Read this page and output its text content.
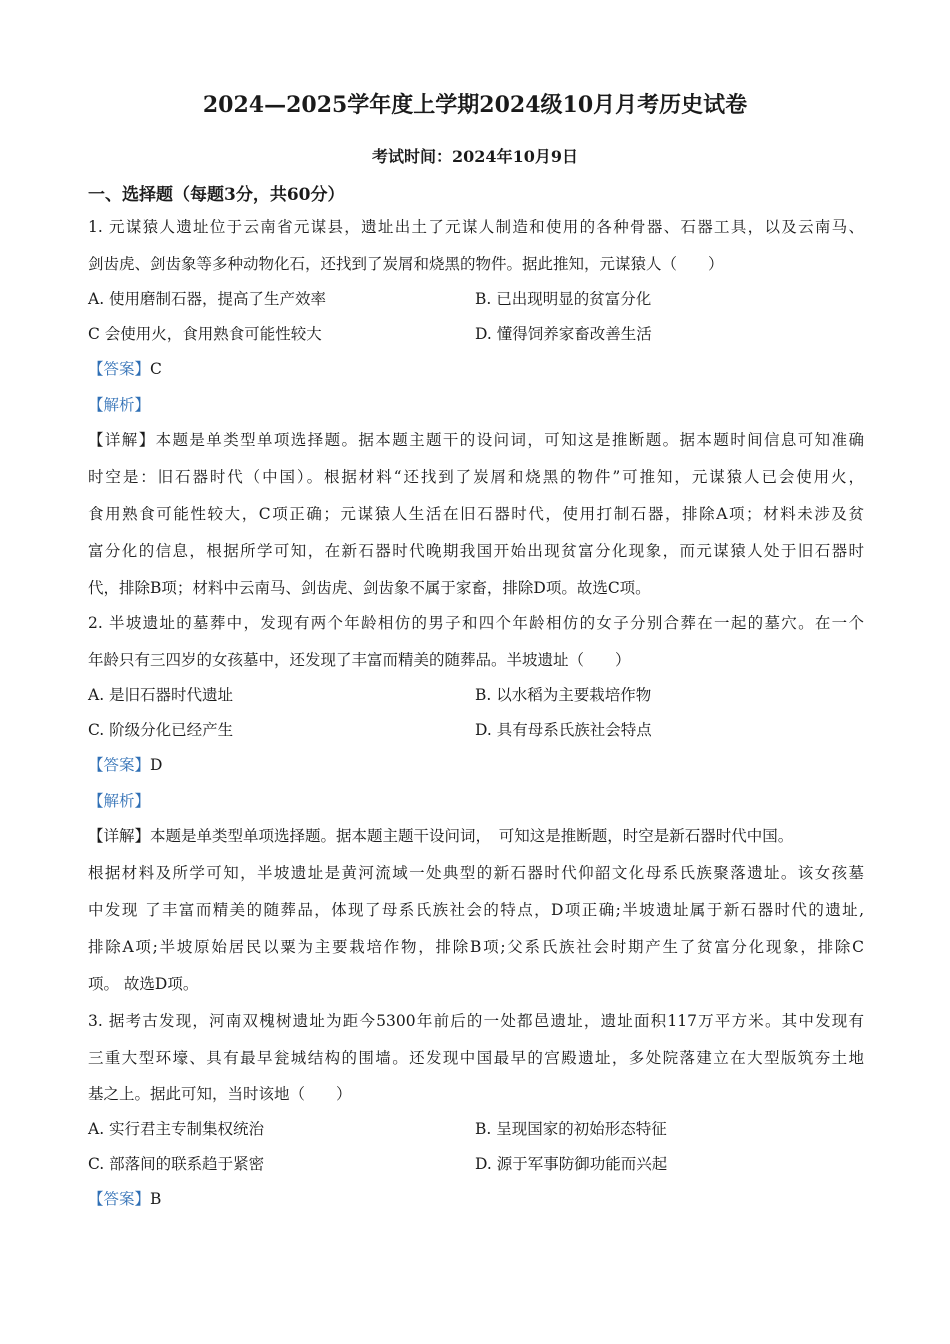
2024—2025学年度上学期2024级10月月考历史试卷
考试时间：2024年10月9日
一、选择题（每题3分，共60分）
1. 元谋猿人遗址位于云南省元谋县，遗址出土了元谋人制造和使用的各种骨器、石器工具，以及云南马、
剑齿虎、剑齿象等多种动物化石，还找到了炭屑和烧黑的物件。据此推知，元谋猿人（　　）
A. 使用磨制石器，提高了生产效率	B. 已出现明显的贫富分化
C 会使用火，食用熟食可能性较大	D. 懂得饲养家畜改善生活
【答案】C
【解析】
【详解】本题是单类型单项选择题。据本题主题干的设问词，可知这是推断题。据本题时间信息可知准确
时空是：旧石器时代（中国）。根据材料“还找到了炭屑和烧黑的物件”可推知，元谋猿人已会使用火，
食用熟食可能性较大，C项正确；元谋猿人生活在旧石器时代，使用打制石器，排除A项；材料未涉及贫
富分化的信息，根据所学可知，在新石器时代晚期我国开始出现贫富分化现象，而元谋猿人处于旧石器时
代，排除B项；材料中云南马、剑齿虎、剑齿象不属于家畜，排除D项。故选C项。
2. 半坡遗址的墓葬中，发现有两个年龄相仿的男子和四个年龄相仿的女子分别合葬在一起的墓穴。在一个
年龄只有三四岁的女孩墓中，还发现了丰富而精美的随葬品。半坡遗址（　　）
A. 是旧石器时代遗址	B. 以水稻为主要栽培作物
C. 阶级分化已经产生	D. 具有母系氏族社会特点
【答案】D
【解析】
【详解】本题是单类型单项选择题。据本题主题干设问词，　可知这是推断题，时空是新石器时代中国。
根据材料及所学可知，半坡遗址是黄河流域一处典型的新石器时代仰韶文化母系氏族聚落遗址。该女孩墓
中发现 了丰富而精美的随葬品，体现了母系氏族社会的特点，D项正确;半坡遗址属于新石器时代的遗址,
排除A项;半坡原始居民以粟为主要栽培作物，排除B项;父系氏族社会时期产生了贫富分化现象，排除C
项。 故选D项。
3. 据考古发现，河南双槐树遗址为距今5300年前后的一处都邑遗址，遗址面积117万平方米。其中发现有
三重大型环壕、具有最早瓮城结构的围墙。还发现中国最早的宫殿遗址，多处院落建立在大型版筑夯土地
基之上。据此可知，当时该地（　　）
A. 实行君主专制集权统治	B. 呈现国家的初始形态特征
C. 部落间的联系趋于紧密	D. 源于军事防御功能而兴起
【答案】B
